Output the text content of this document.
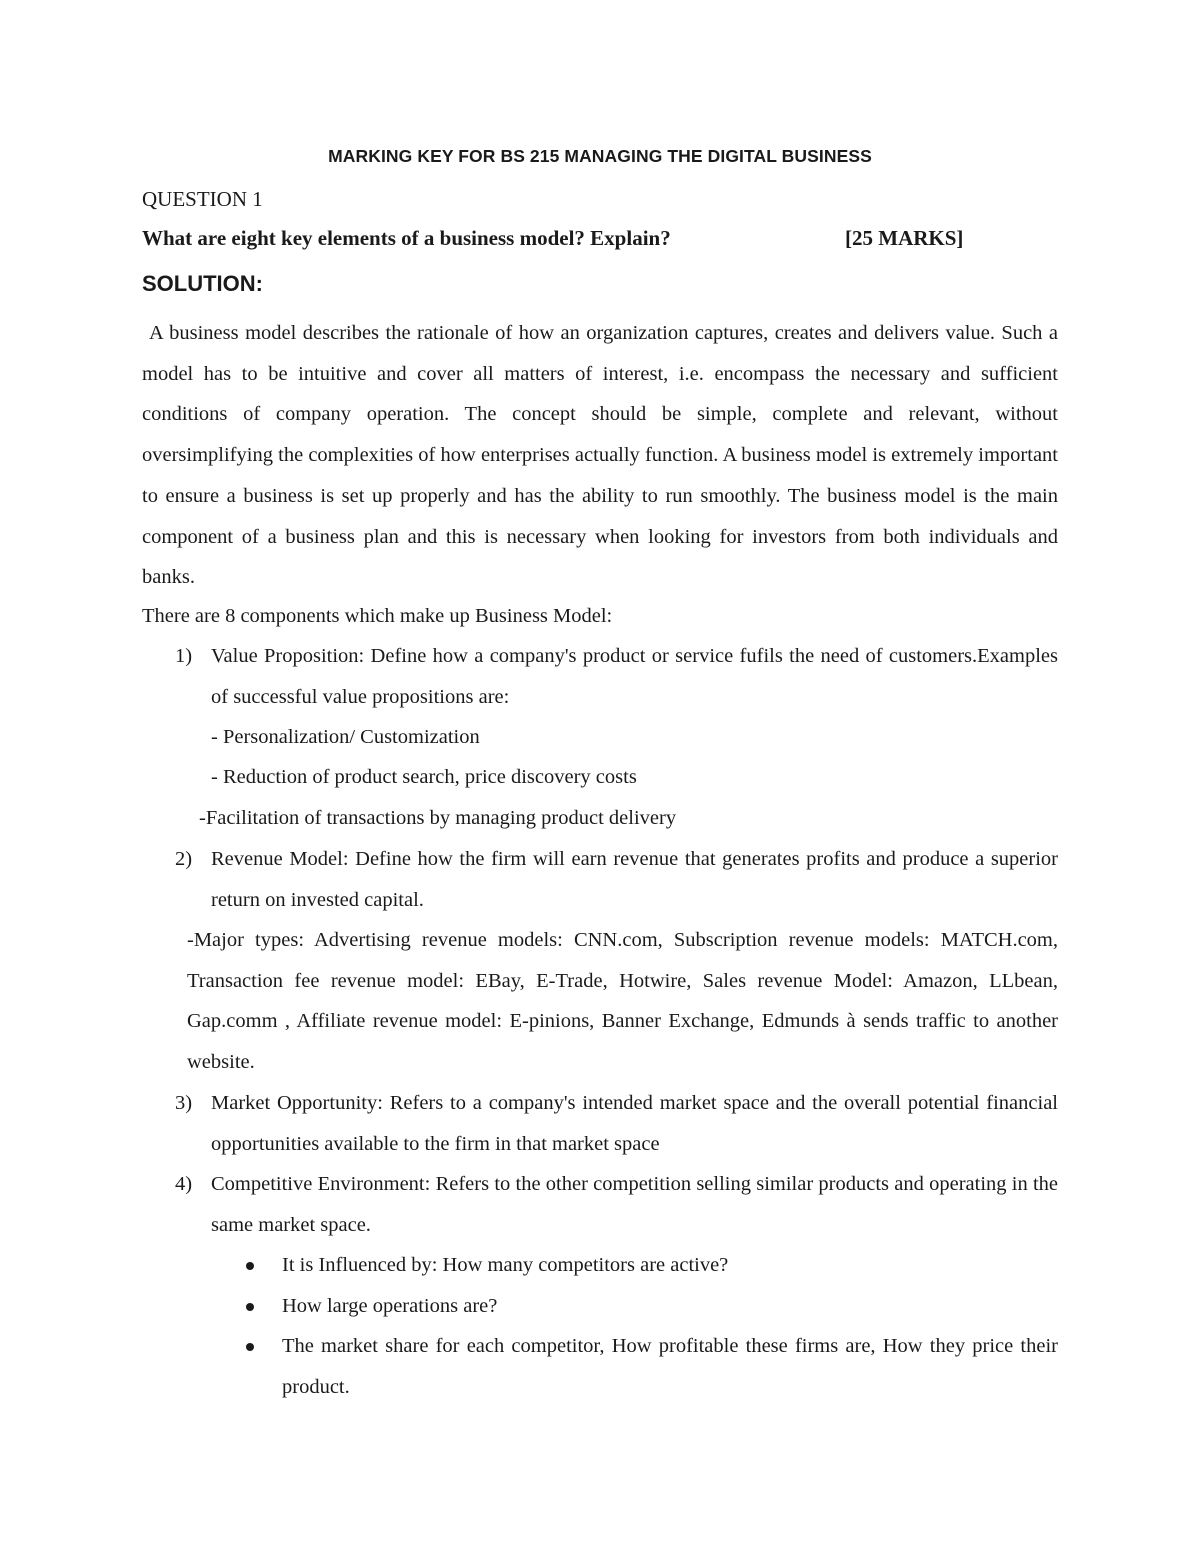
MARKING KEY FOR BS 215 MANAGING THE DIGITAL BUSINESS
QUESTION 1
What are eight key elements of a business model? Explain?	[25 MARKS]
SOLUTION:

A business model describes the rationale of how an organization captures, creates and delivers value. Such a model has to be intuitive and cover all matters of interest, i.e. encompass the necessary and sufficient conditions of company operation. The concept should be simple, complete and relevant, without oversimplifying the complexities of how enterprises actually function. A business model is extremely important to ensure a business is set up properly and has the ability to run smoothly. The business model is the main component of a business plan and this is necessary when looking for investors from both individuals and banks.

There are 8 components which make up Business Model:
1) Value Proposition: Define how a company's product or service fufils the need of customers.Examples of successful value propositions are:
- Personalization/ Customization
- Reduction of product search, price discovery costs
-Facilitation of transactions by managing product delivery
2) Revenue Model: Define how the firm will earn revenue that generates profits and produce a superior return on invested capital.

-Major types: Advertising revenue models: CNN.com, Subscription revenue models: MATCH.com, Transaction fee revenue model: EBay, E-Trade, Hotwire, Sales revenue Model: Amazon, LLbean, Gap.comm , Affiliate revenue model: E-pinions, Banner Exchange, Edmunds à sends traffic to another website.

3) Market Opportunity: Refers to a company's intended market space and the overall potential financial opportunities available to the firm in that market space
4) Competitive Environment: Refers to the other competition selling similar products and operating in the same market space.
It is Influenced by: How many competitors are active?
How large operations are?
The market share for each competitor, How profitable these firms are, How they price their product.
